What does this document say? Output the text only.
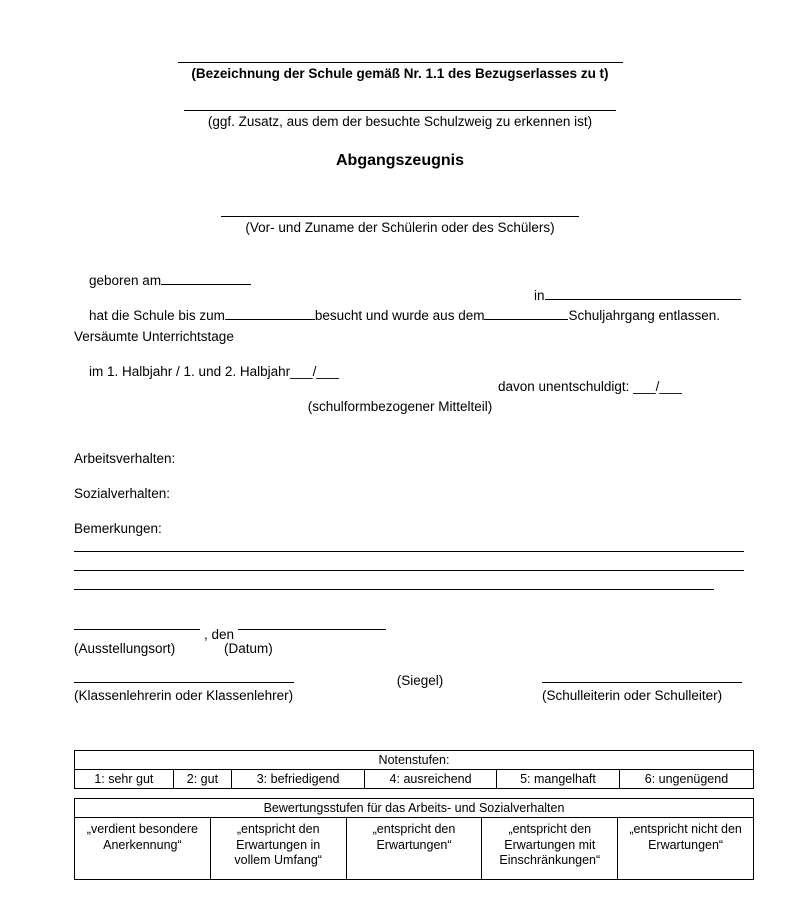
(Bezeichnung der Schule gemäß Nr. 1.1 des Bezugserlasses zu t)
(ggf. Zusatz, aus dem der besuchte Schulzweig zu erkennen ist)
Abgangszeugnis
(Vor- und Zuname der Schülerin oder des Schülers)

geboren am

in

hat die Schule bis zum	besucht und wurde aus dem	Schuljahrgang entlassen.

Versäumte Unterrichtstage

im 1. Halbjahr / 1. und 2. Halbjahr___/___

davon unentschuldigt: ___/___

(schulformbezogener Mittelteil)
Arbeitsverhalten:
Sozialverhalten:
Bemerkungen:
, den
(Ausstellungsort)	(Datum)
(Klassenlehrerin oder Klassenlehrer)
(Siegel)
(Schulleiterin oder Schulleiter)
Notenstufen:
1: sehr gut	2: gut	3: befriedigend	4: ausreichend	5: mangelhaft	6: ungenügend
Bewertungsstufen für das Arbeits- und Sozialverhalten
„verdient besondere Anerkennung“	„entspricht den Erwartungen in vollem Umfang“	„entspricht den Erwartungen“	„entspricht den Erwartungen mit Einschränkungen“	„entspricht nicht den Erwartungen“
